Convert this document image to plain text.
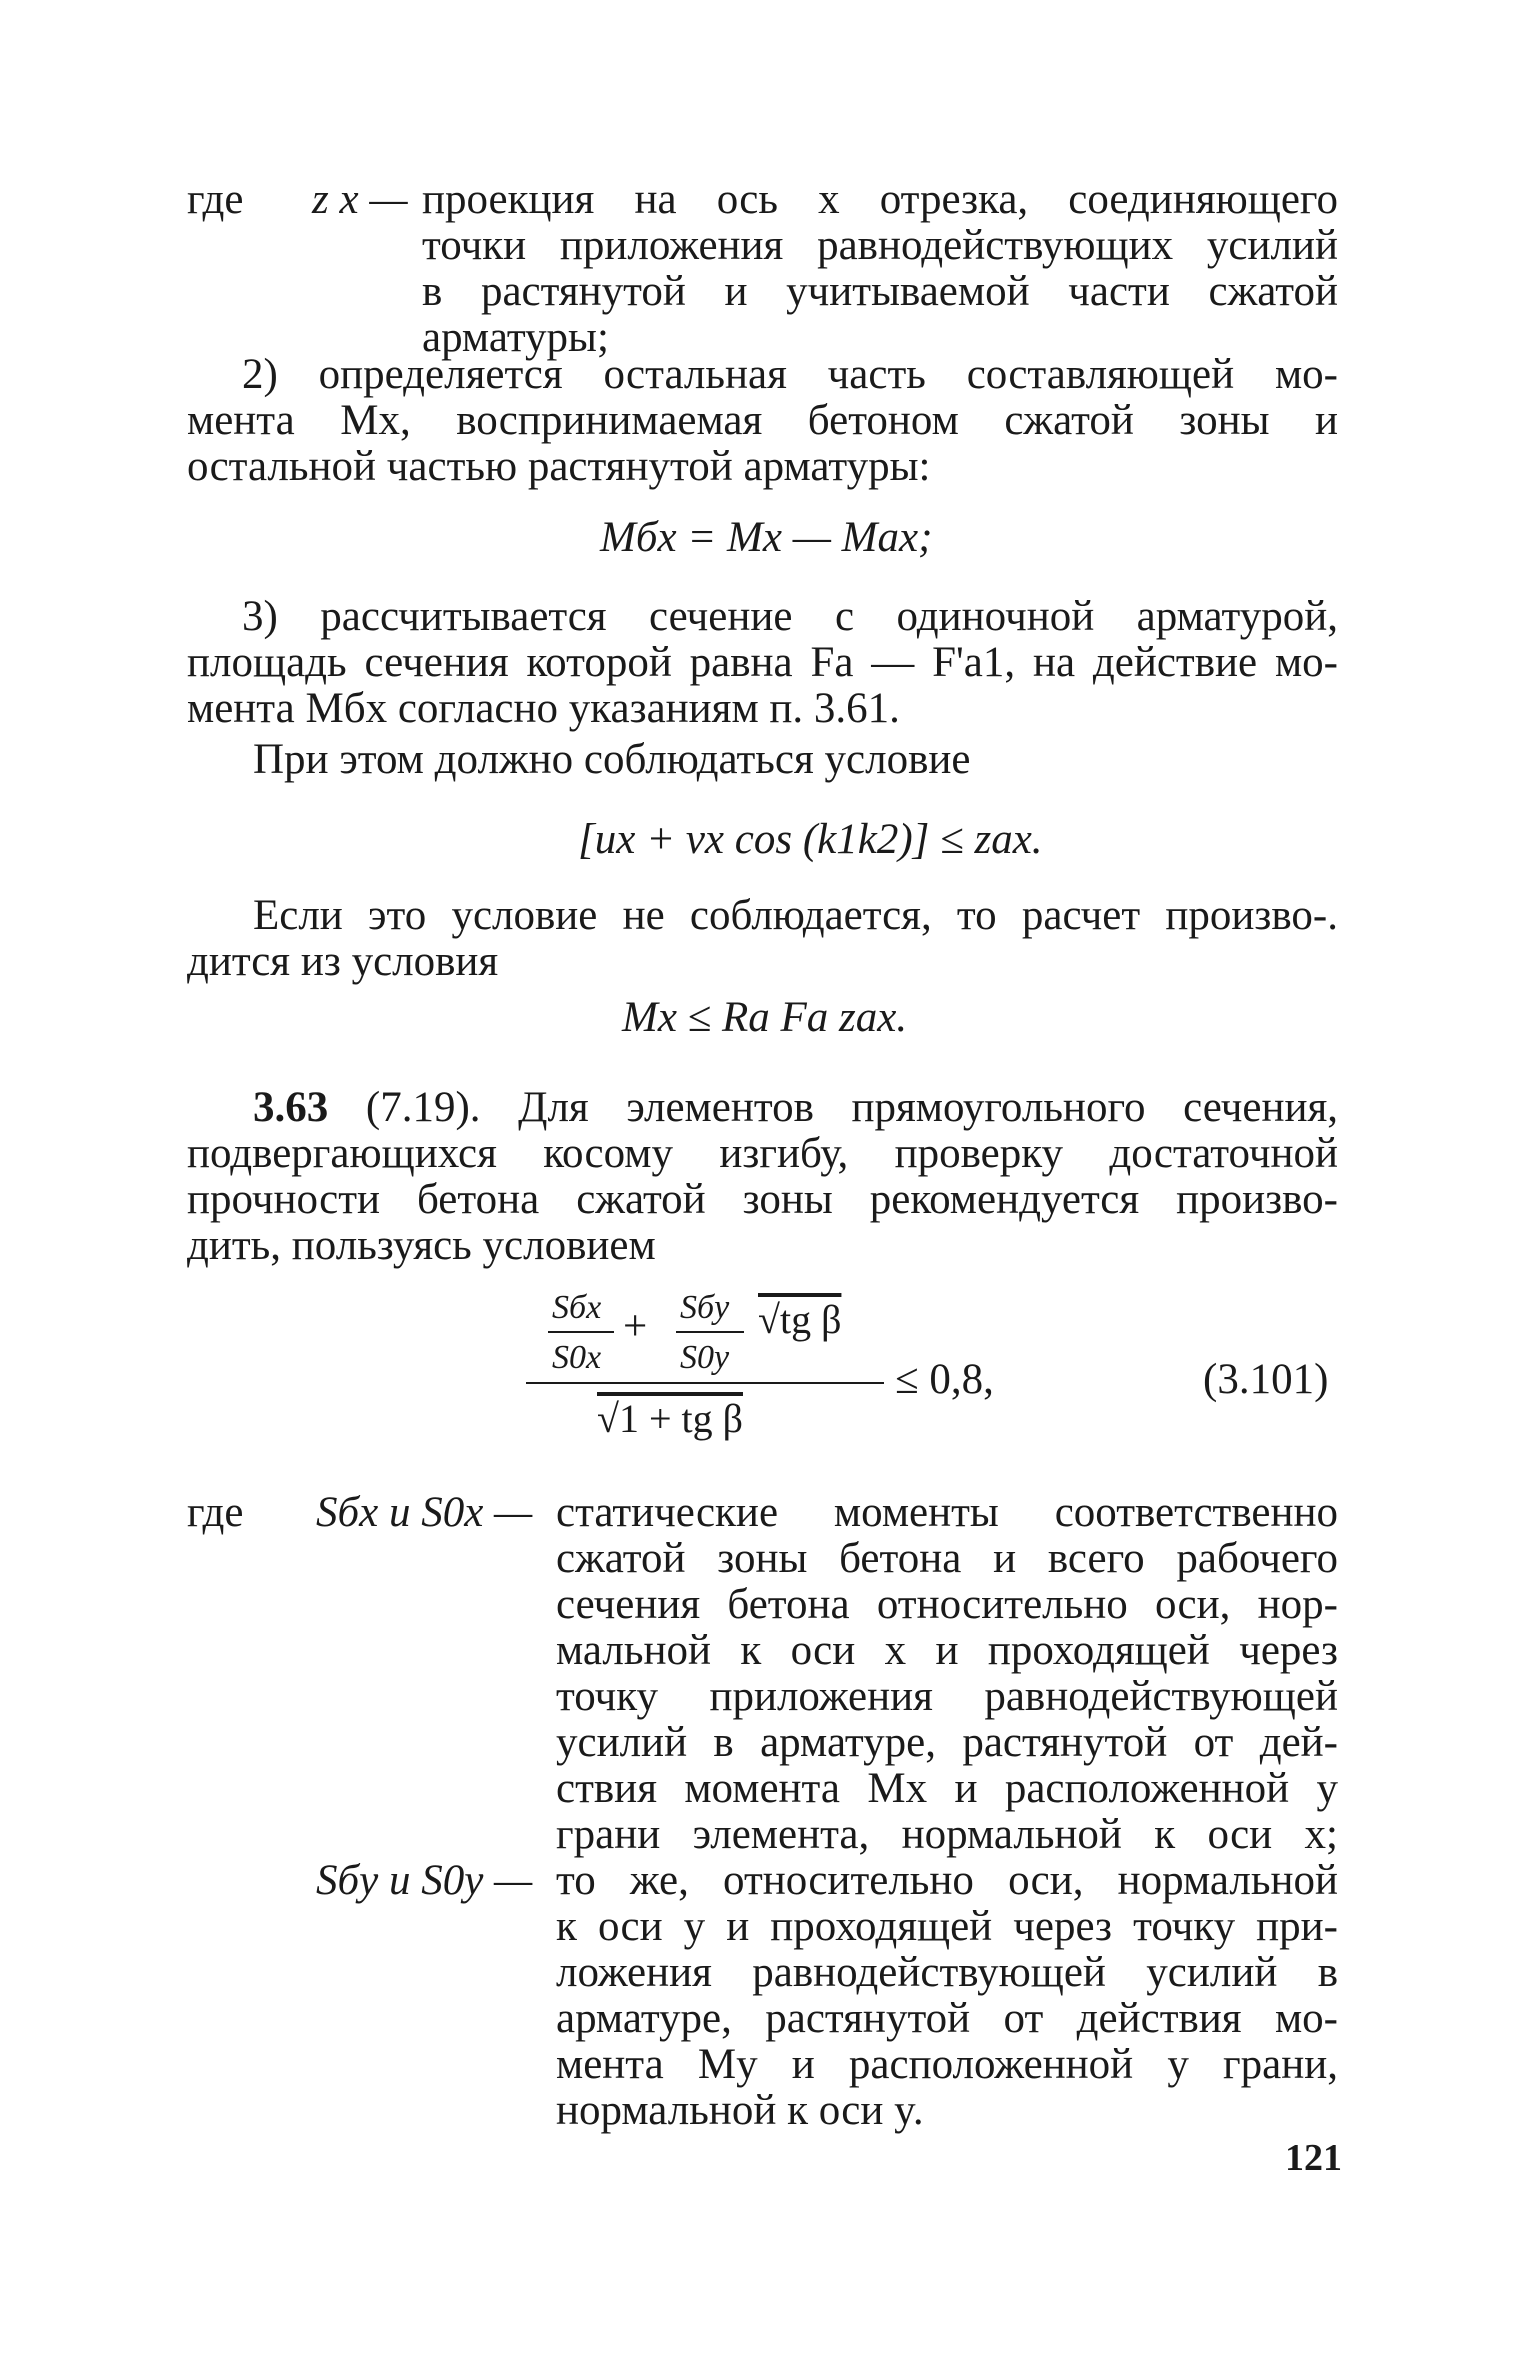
где z x — проекция на ось x отрезка, соединяющего
точки приложения равнодействующих усилий
в растянутой и учитываемой части сжатой
арматуры;
2) определяется остальная часть составляющей мо-
мента Mx, воспринимаемая бетоном сжатой зоны и
остальной частью растянутой арматуры:

Mбx = Mx — Max;

3) рассчитывается сечение с одиночной арматурой,
площадь сечения которой равна Fa — F'a1, на действие мо-
мента Mбx согласно указаниям п. 3.61.

При этом должно соблюдаться условие

[ux + vx cos (k1k2)] ≤ zax.

Если это условие не соблюдается, то расчет произво-.
дится из условия

Mx ≤ Ra Fa zax.

3.63 (7.19). Для элементов прямоугольного сечения,
подвергающихся косому изгибу, проверку достаточной
прочности бетона сжатой зоны рекомендуется произво-
дить, пользуясь условием

Sбx

S0x

+ Sбy

S0y

√tg β

√1 + tg β

≤ 0,8,	(3.101)

где Sбx и S0x — статические моменты соответственно
сжатой зоны бетона и всего рабочего
сечения бетона относительно оси, нор-
мальной к оси x и проходящей через
точку приложения равнодействующей
усилий в арматуре, растянутой от дей-
ствия момента Mx и расположенной у
грани элемента, нормальной к оси x;

Sбy и S0y — то же, относительно оси, нормальной
к оси y и проходящей через точку при-
ложения равнодействующей усилий в
арматуре, растянутой от действия мо-
мента My и расположенной у грани,
нормальной к оси y.

121
